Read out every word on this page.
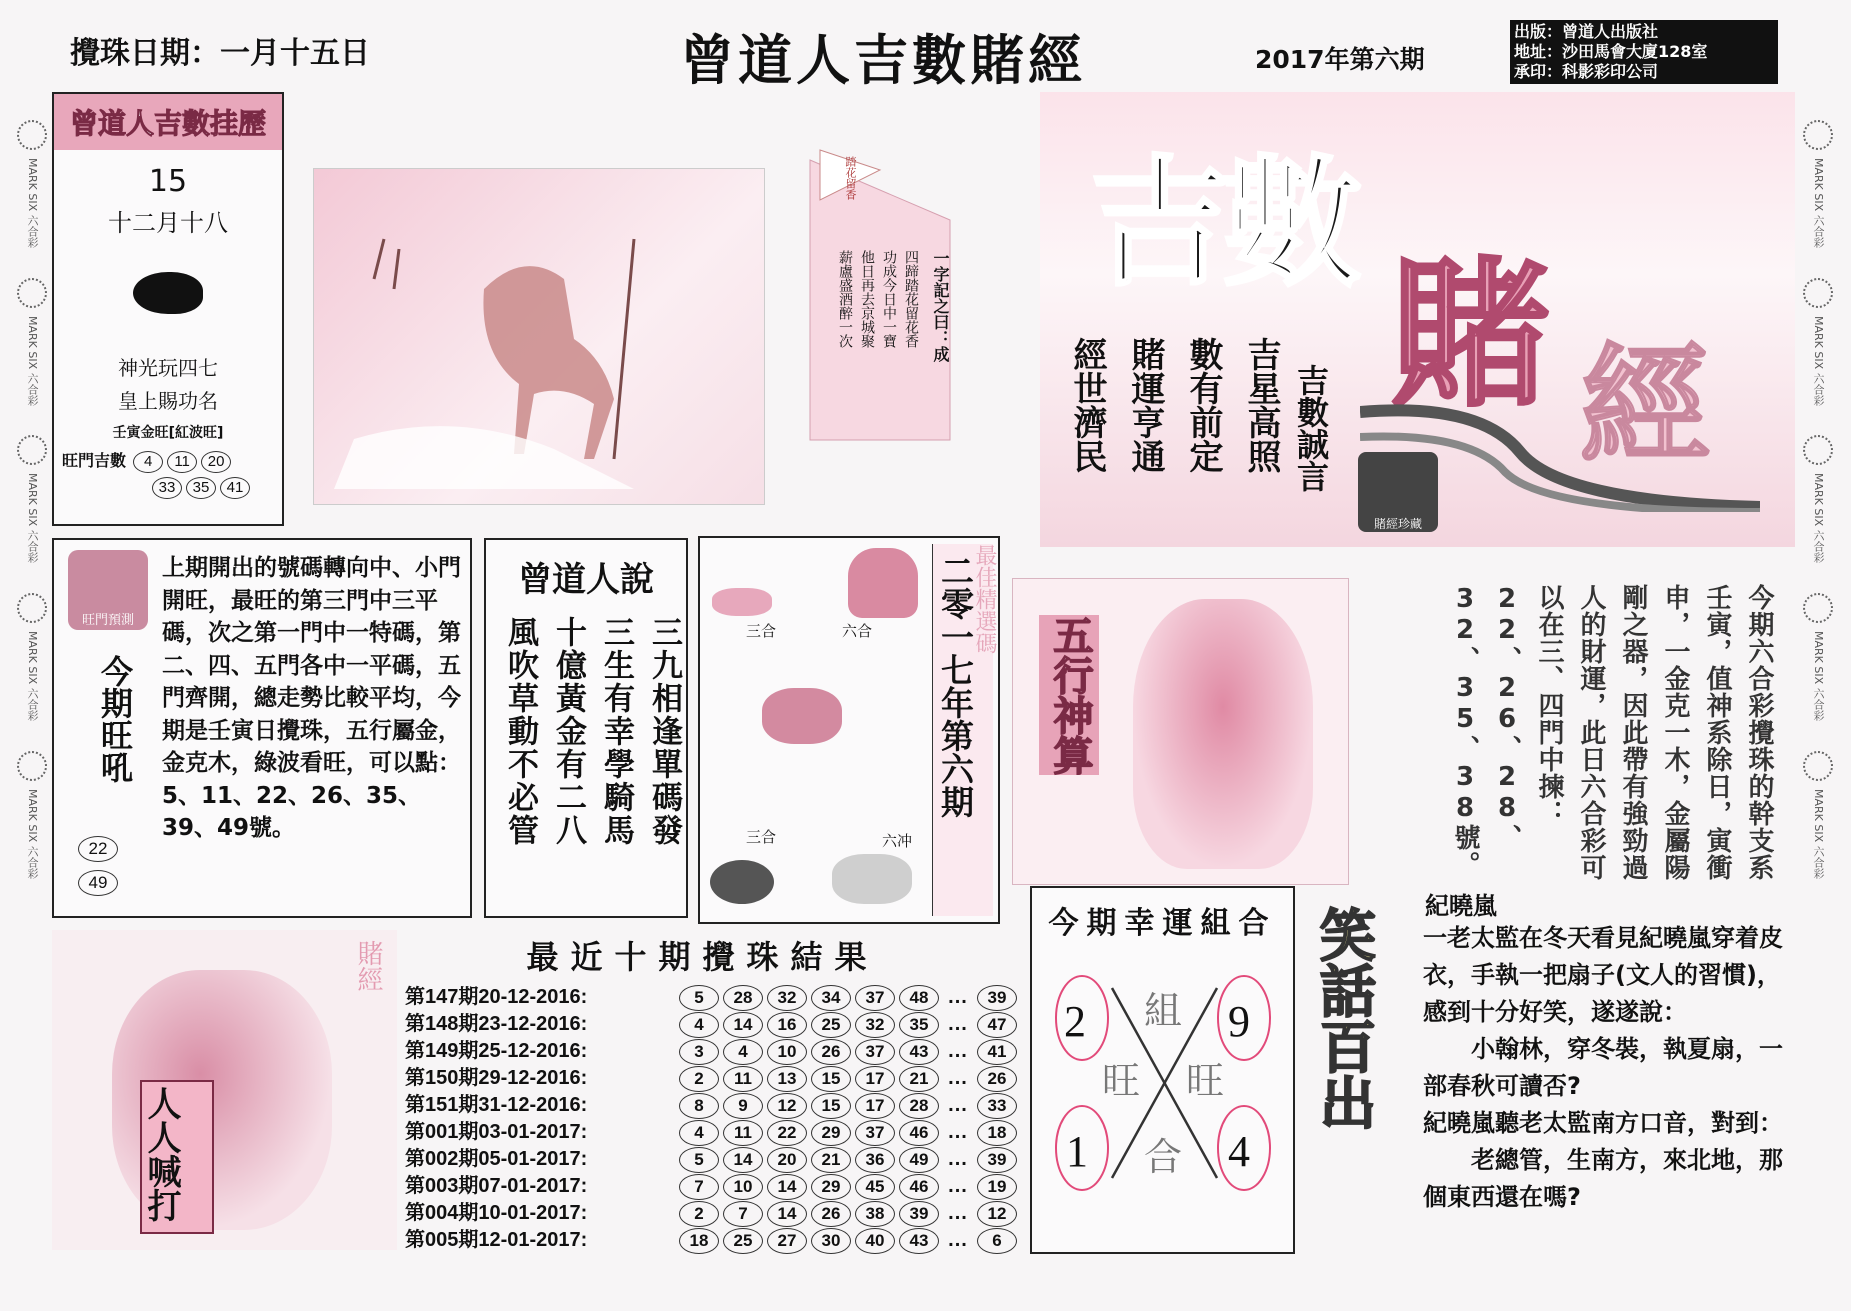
攪珠日期：一月十五日	曾道人吉數賭經	2017年第六期
出版：曾道人出版社
地址：沙田馬會大廈128室
承印：科影彩印公司
MARK SIX 六合彩
MARK SIX 六合彩
MARK SIX 六合彩
MARK SIX 六合彩
MARK SIX 六合彩
MARK SIX 六合彩
MARK SIX 六合彩
MARK SIX 六合彩
MARK SIX 六合彩
MARK SIX 六合彩
曾道人吉數挂歷
15
十二月十八
神光玩四七
皇上賜功名
壬寅金旺[紅波旺]
旺門吉數 4 11 20
33 35 41
踏花留香
一字記之曰：成
四蹄踏花留花香
功成今日中一寶
他日再去京城聚
薪盧盛酒醉一次 吉數
賭 經
吉星高照
數有前定
賭運亨通
經世濟民	吉數誠言
賭經珍藏
旺門預測
今期旺吼
上期開出的號碼轉向中、小門開旺，最旺的第三門中三平碼，次之第一門中一特碼，第二、四、五門各中一平碼，五門齊開，總走勢比較平均，今期是壬寅日攪珠，五行屬金，金克木，綠波看旺，可以點：5、11、22、26、35、39、49號。
22
49
曾道人說
三九相逢單碼發
三生有幸學騎馬
十億黃金有二八
風吹草動不必管	三合	六合
三合	六冲
二零一七年第六期
最佳精選碼
五行神算	今期六合彩攪珠的幹支系壬寅，值神系除日，寅衝申，一金克一木，金屬陽剛之器，因此帶有強勁過人的財運，此日六合彩可以在三、四門中揀：22、26、28、32、35、38號。
人人喊打
賭經	最近十期攪珠結果
第147期20-12-2016:	5 28 32 34 37 48 ... 39
第148期23-12-2016:	4 14 16 25 32 35 ... 47
第149期25-12-2016:	3 4 10 26 37 43 ... 41
第150期29-12-2016:	2 11 13 15 17 21 ... 26
第151期31-12-2016:	8 9 12 15 17 28 ... 33
第001期03-01-2017:	4 11 22 29 37 46 ... 18
第002期05-01-2017:	5 14 20 21 36 49 ... 39
第003期07-01-2017:	7 10 14 29 45 46 ... 19
第004期10-01-2017:	2 7 14 26 38 39 ... 12
第005期12-01-2017:	18 25 27 30 40 43 ... 6
今期幸運組合
2	9
1	4
組
旺 旺
合
笑話百出 紀曉嵐
一老太監在冬天看見紀曉嵐穿着皮衣，手執一把扇子(文人的習慣)，感到十分好笑，遂遂說：
小翰林，穿冬裝，執夏扇，一部春秋可讀否?
紀曉嵐聽老太監南方口音，對到：
老總管，生南方，來北地，那個東西還在嗎?
